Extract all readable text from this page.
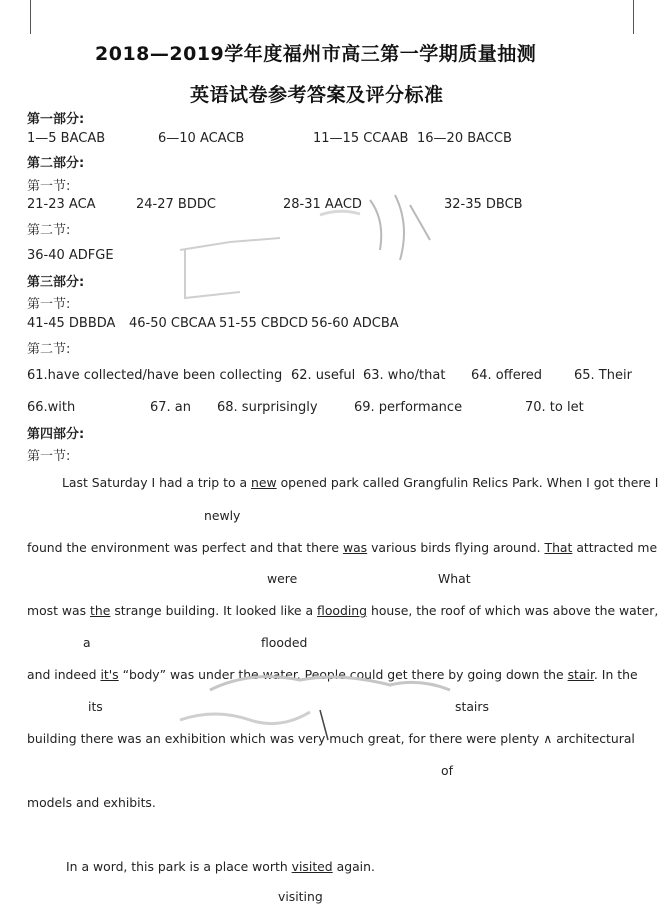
2018—2019学年度福州市高三第一学期质量抽测
英语试卷参考答案及评分标准
第一部分:
1—5 BACAB	6—10 ACACB	11—15 CCAAB 16—20 BACCB
第二部分:
第一节:
21-23 ACA	24-27 BDDC	28-31 AACD	32-35 DBCB
第二节:
36-40 ADFGE
第三部分:
第一节:
41-45 DBBDA 46-50 CBCAA 51-55 CBDCD 56-60 ADCBA
第二节:
61.have collected/have been collecting 62. useful 63. who/that 64. offered 65. Their
66.with	67. an 68. surprisingly	69. performance	70. to let
第四部分:
第一节:
Last Saturday I had a trip to a new opened park called Grangfulin Relics Park. When I got there I
newly
found the environment was perfect and that there was various birds flying around. That attracted me
were	What
most was the strange building. It looked like a flooding house, the roof of which was above the water,
a	flooded
and indeed it's “body” was under the water. People could get there by going down the stair. In the
its	stairs
building there was an exhibition which was very much great, for there were plenty ∧ architectural
of
models and exhibits.
In a word, this park is a place worth visited again.
visiting
